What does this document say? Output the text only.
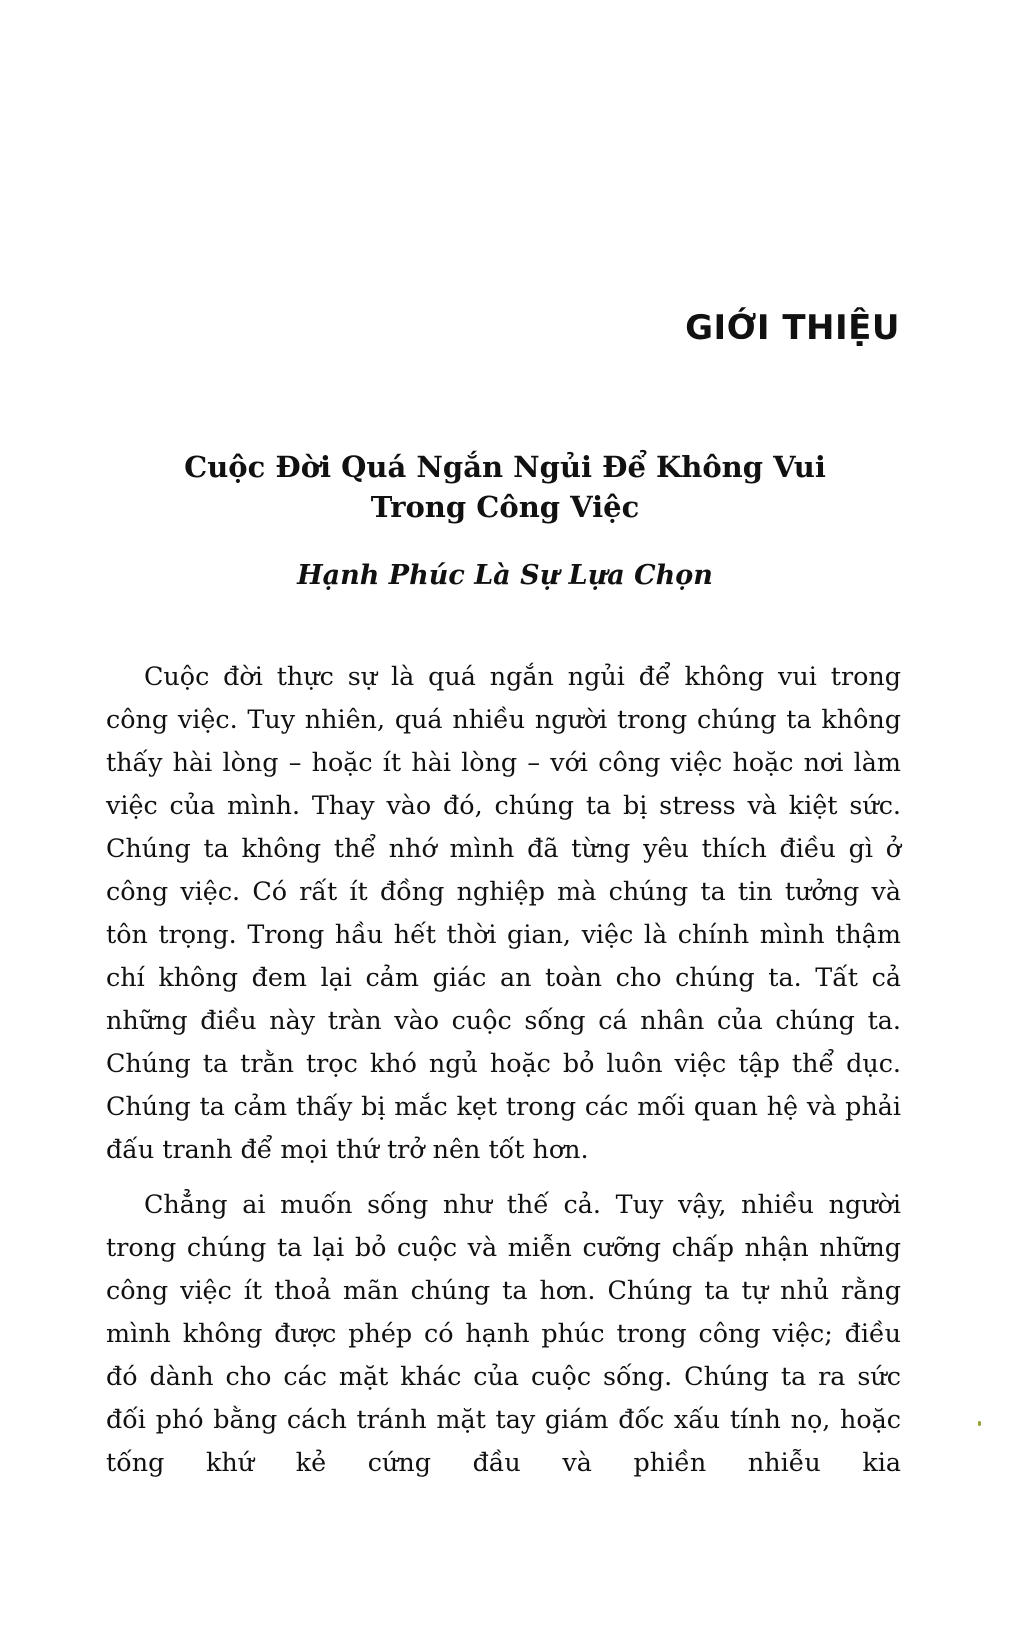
GIỚI THIỆU
Cuộc Đời Quá Ngắn Ngủi Để Không Vui
Trong Công Việc
Hạnh Phúc Là Sự Lựa Chọn

Cuộc đời thực sự là quá ngắn ngủi để không vui trong công việc. Tuy nhiên, quá nhiều người trong chúng ta không thấy hài lòng – hoặc ít hài lòng – với công việc hoặc nơi làm việc của mình. Thay vào đó, chúng ta bị stress và kiệt sức. Chúng ta không thể nhớ mình đã từng yêu thích điều gì ở công việc. Có rất ít đồng nghiệp mà chúng ta tin tưởng và tôn trọng. Trong hầu hết thời gian, việc là chính mình thậm chí không đem lại cảm giác an toàn cho chúng ta. Tất cả những điều này tràn vào cuộc sống cá nhân của chúng ta. Chúng ta trằn trọc khó ngủ hoặc bỏ luôn việc tập thể dục. Chúng ta cảm thấy bị mắc kẹt trong các mối quan hệ và phải đấu tranh để mọi thứ trở nên tốt hơn.

Chẳng ai muốn sống như thế cả. Tuy vậy, nhiều người trong chúng ta lại bỏ cuộc và miễn cưỡng chấp nhận những công việc ít thoả mãn chúng ta hơn. Chúng ta tự nhủ rằng mình không được phép có hạnh phúc trong công việc; điều đó dành cho các mặt khác của cuộc sống. Chúng ta ra sức đối phó bằng cách tránh mặt tay giám đốc xấu tính nọ, hoặc tống khứ kẻ cứng đầu và phiền nhiễu kia
